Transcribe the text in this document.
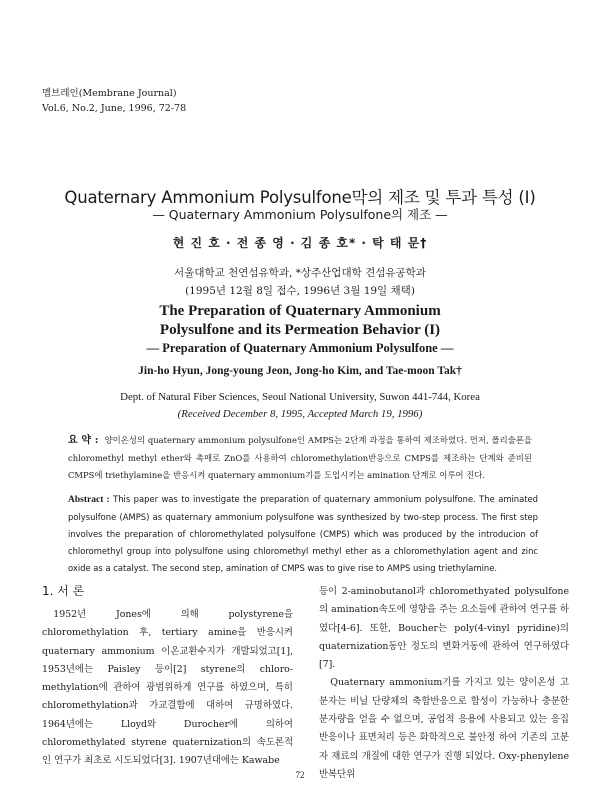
멤브레인(Membrane Journal)
Vol.6, No.2, June, 1996, 72-78
Quaternary Ammonium Polysulfone막의 제조 및 투과 특성 (I)
— Quaternary Ammonium Polysulfone의 제조 —
현 진 호 · 전 종 영 · 김 종 호* · 탁 태 문†
서울대학교 천연섬유학과, *상주산업대학 견섬유공학과
(1995년 12월 8일 접수, 1996년 3월 19일 채택)
The Preparation of Quaternary Ammonium
Polysulfone and its Permeation Behavior (I)
— Preparation of Quaternary Ammonium Polysulfone —
Jin-ho Hyun, Jong-young Jeon, Jong-ho Kim, and Tae-moon Tak†
Dept. of Natural Fiber Sciences, Seoul National University, Suwon 441-744, Korea
(Received December 8, 1995, Accepted March 19, 1996)
요 약 : 양이온성의 quaternary ammonium polysulfone인 AMPS는 2단계 과정을 통하여 제조하였다. 먼저, 폴리술폰을 chloromethyl methyl ether와 촉매로 ZnO를 사용하여 chloromethylation반응으로 CMPS를 제조하는 단계와 준비된 CMPS에 triethylamine을 반응시켜 quaternary ammonium기를 도입시키는 amination 단계로 이루어 진다.
Abstract : This paper was to investigate the preparation of quaternary ammonium polysulfone. The aminated polysulfone (AMPS) as quaternary ammonium polysulfone was synthesized by two-step process. The first step involves the preparation of chloromethylated polysulfone (CMPS) which was produced by the introducion of chloromethyl group into polysulfone using chloromethyl methyl ether as a chloromethylation agent and zinc oxide as a catalyst. The second step, amination of CMPS was to give rise to AMPS using triethylamine.
1. 서 론

1952년 Jones에 의해 polystyrene을 chloromethylation 후, tertiary amine을 반응시켜 quaternary ammonium 이온교환수지가 개발되었고[1], 1953년에는 Paisley 등이[2] styrene의 chloro-methylation에 관하여 광범위하게 연구를 하였으며, 특히 chloromethylation과 가교결합에 대하여 규명하였다. 1964년에는 Lloyd와 Durocher에 의하여 chloromethylated styrene quaternization의 속도론적인 연구가 최초로 시도되었다[3]. 1907년대에는 Kawabe

등이 2-aminobutanol과 chloromethyated polysulfone의 amination속도에 영향을 주는 요소들에 관하여 연구를 하였다[4-6]. 또한, Boucher는 poly(4-vinyl pyridine)의 quaternization동안 정도의 변화거동에 관하여 연구하였다[7].

Quaternary ammonium기를 가지고 있는 양이온성 고분자는 비닐 단량체의 축합반응으로 합성이 가능하나 충분한 분자량을 얻을 수 없으며, 공업적 응용에 사용되고 있는 응집반응이나 표면처리 등은 화학적으로 불안정 하여 기존의 고분자 재료의 개질에 대한 연구가 진행 되었다. Oxy-phenylene 반복단위

72
